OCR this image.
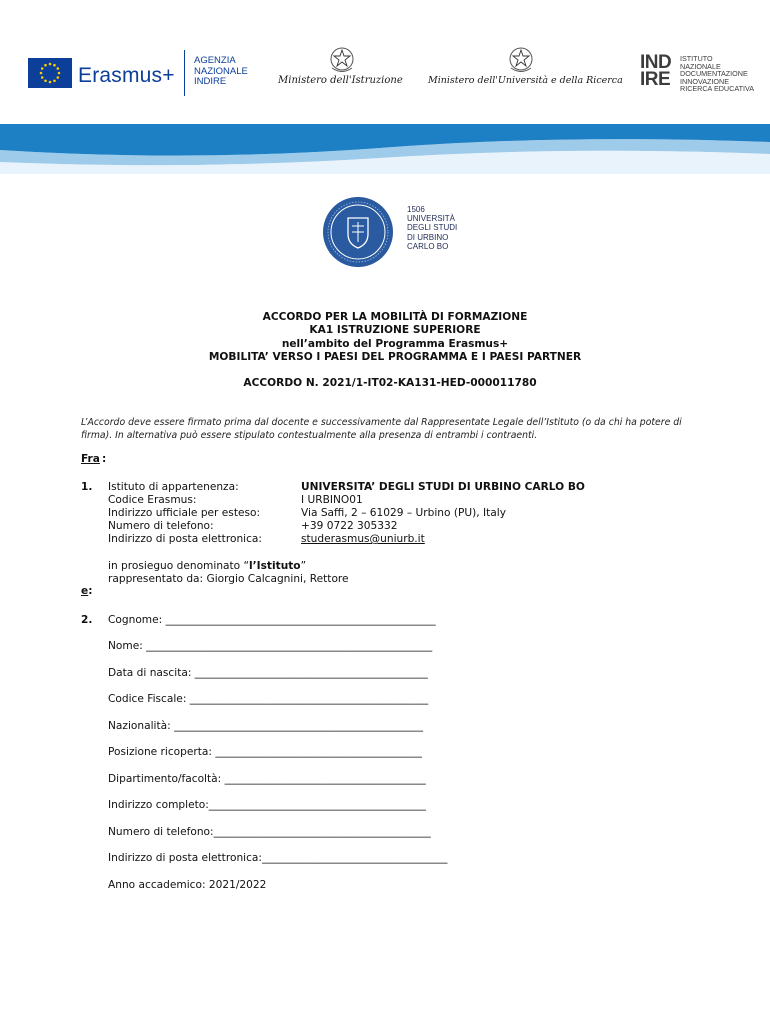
Erasmus+
AGENZIA
NAZIONALE
INDIRE	Ministero dell'Istruzione	Ministero dell'Università e della Ricerca
IND
IRE
ISTITUTO
NAZIONALE
DOCUMENTAZIONE
INNOVAZIONE
RICERCA EDUCATIVA
1506
UNIVERSITÀ
DEGLI STUDI
DI URBINO
CARLO BO
ACCORDO PER LA MOBILITÀ DI FORMAZIONE
KA1 ISTRUZIONE SUPERIORE
nell’ambito del Programma Erasmus+
MOBILITA’ VERSO I PAESI DEL PROGRAMMA E I PAESI PARTNER
ACCORDO N. 2021/1-IT02-KA131-HED-000011780
L’Accordo deve essere firmato prima dal docente e successivamente dal Rappresentate Legale dell’Istituto (o da chi ha potere di firma). In alternativa può essere stipulato contestualmente alla presenza di entrambi i contraenti.
Fra :
1. Istituto di appartenenza:	UNIVERSITA’ DEGLI STUDI DI URBINO CARLO BO
Codice Erasmus:	I URBINO01
Indirizzo ufficiale per esteso:	Via Saffi, 2 – 61029 – Urbino (PU), Italy
Numero di telefono:	+39 0722 305332
Indirizzo di posta elettronica:	studerasmus@uniurb.it
in prosieguo denominato “l’Istituto”
rappresentato da: Giorgio Calcagnini, Rettore
e:
2. Cognome: ___________________________________________________
Nome: ______________________________________________________
Data di nascita: ____________________________________________
Codice Fiscale: _____________________________________________
Nazionalità: _______________________________________________
Posizione ricoperta: _______________________________________
Dipartimento/facoltà: ______________________________________
Indirizzo completo:_________________________________________
Numero di telefono:_________________________________________
Indirizzo di posta elettronica:___________________________________
Anno accademico: 2021/2022
